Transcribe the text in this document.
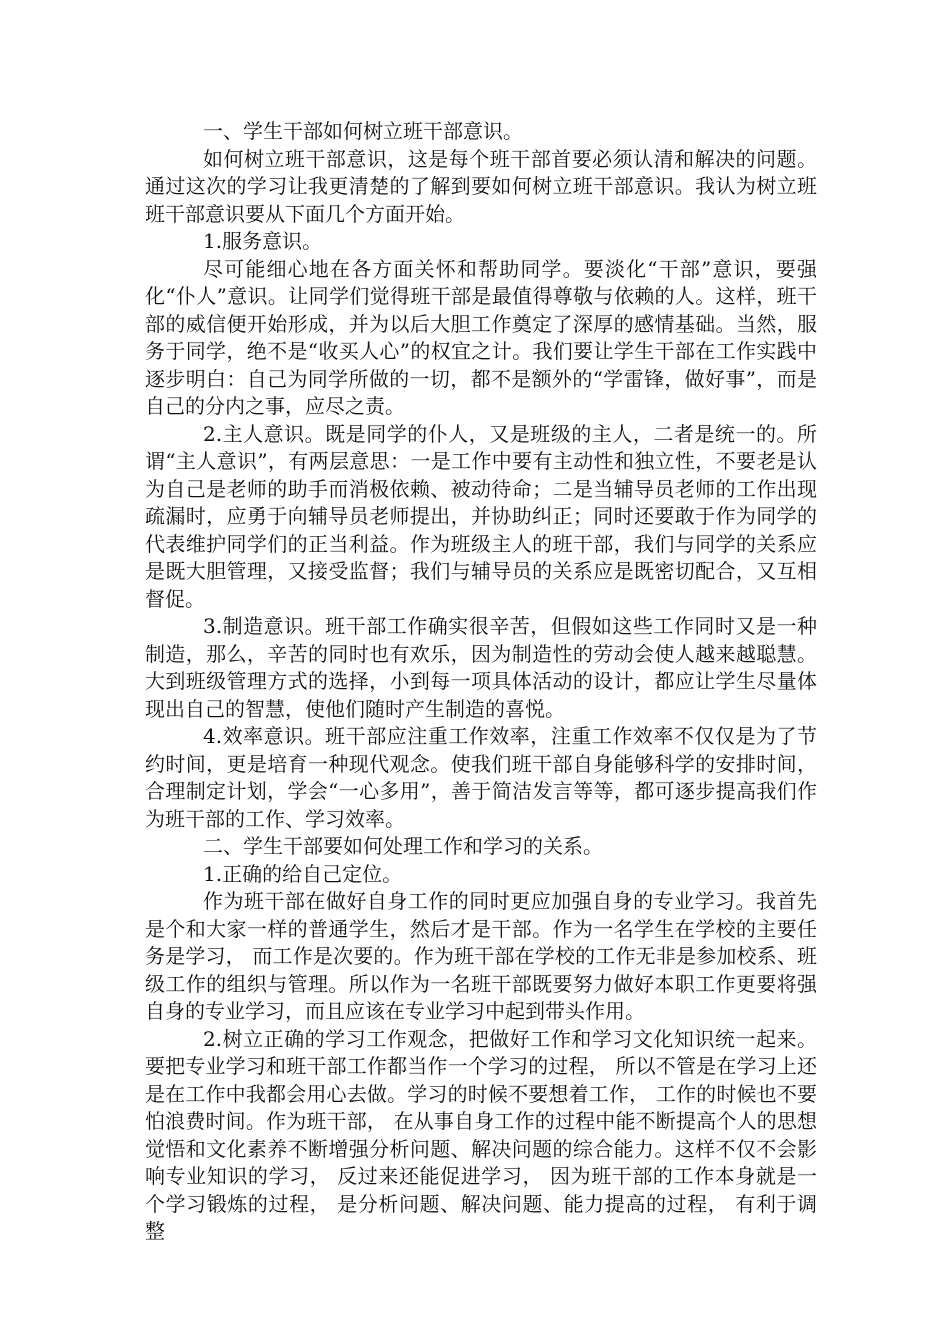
一、学生干部如何树立班干部意识。

如何树立班干部意识，这是每个班干部首要必须认清和解决的问题。通过这次的学习让我更清楚的了解到要如何树立班干部意识。我认为树立班班干部意识要从下面几个方面开始。

1.服务意识。

尽可能细心地在各方面关怀和帮助同学。要淡化“干部”意识，要强化“仆人”意识。让同学们觉得班干部是最值得尊敬与依赖的人。这样，班干部的威信便开始形成，并为以后大胆工作奠定了深厚的感情基础。当然，服务于同学，绝不是“收买人心”的权宜之计。我们要让学生干部在工作实践中逐步明白：自己为同学所做的一切，都不是额外的“学雷锋，做好事”，而是自己的分内之事，应尽之责。

2.主人意识。既是同学的仆人，又是班级的主人，二者是统一的。所谓“主人意识”，有两层意思：一是工作中要有主动性和独立性，不要老是认为自己是老师的助手而消极依赖、被动待命；二是当辅导员老师的工作出现疏漏时，应勇于向辅导员老师提出，并协助纠正；同时还要敢于作为同学的代表维护同学们的正当利益。作为班级主人的班干部，我们与同学的关系应是既大胆管理，又接受监督；我们与辅导员的关系应是既密切配合，又互相督促。

3.制造意识。班干部工作确实很辛苦，但假如这些工作同时又是一种制造，那么，辛苦的同时也有欢乐，因为制造性的劳动会使人越来越聪慧。大到班级管理方式的选择，小到每一项具体活动的设计，都应让学生尽量体现出自己的智慧，使他们随时产生制造的喜悦。

4.效率意识。班干部应注重工作效率，注重工作效率不仅仅是为了节约时间，更是培育一种现代观念。使我们班干部自身能够科学的安排时间，合理制定计划，学会“一心多用”，善于简洁发言等等，都可逐步提高我们作为班干部的工作、学习效率。

二、学生干部要如何处理工作和学习的关系。

1.正确的给自己定位。

作为班干部在做好自身工作的同时更应加强自身的专业学习。我首先是个和大家一样的普通学生，然后才是干部。作为一名学生在学校的主要任务是学习， 而工作是次要的。作为班干部在学校的工作无非是参加校系、班级工作的组织与管理。所以作为一名班干部既要努力做好本职工作更要将强自身的专业学习，而且应该在专业学习中起到带头作用。

2.树立正确的学习工作观念，把做好工作和学习文化知识统一起来。 要把专业学习和班干部工作都当作一个学习的过程， 所以不管是在学习上还是在工作中我都会用心去做。学习的时候不要想着工作， 工作的时候也不要怕浪费时间。作为班干部， 在从事自身工作的过程中能不断提高个人的思想觉悟和文化素养不断增强分析问题、解决问题的综合能力。这样不仅不会影响专业知识的学习， 反过来还能促进学习， 因为班干部的工作本身就是一个学习锻炼的过程， 是分析问题、解决问题、能力提高的过程， 有利于调整
